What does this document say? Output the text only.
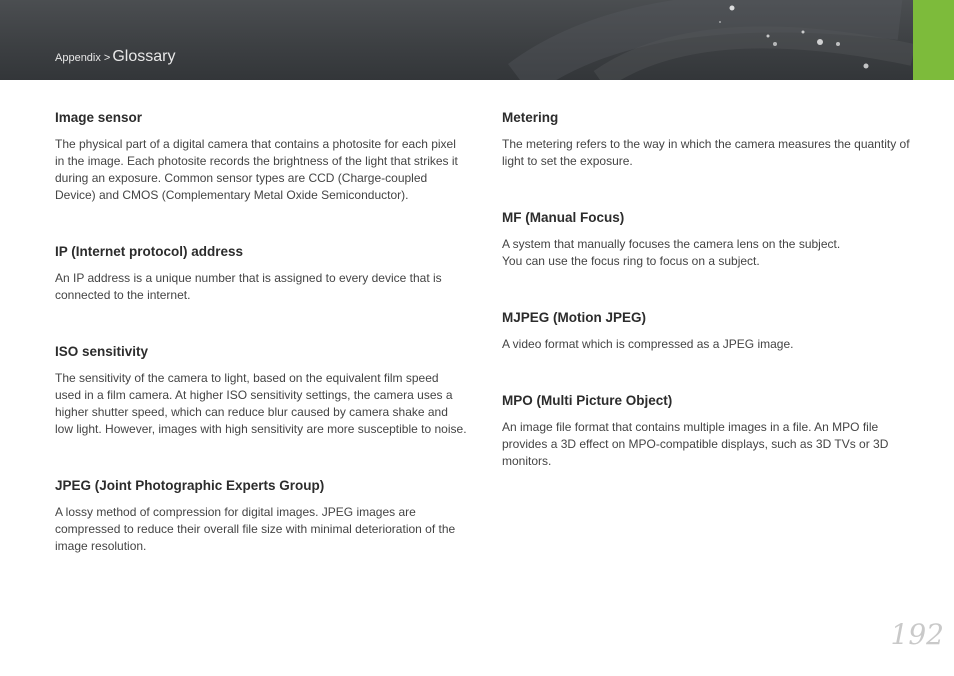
Appendix > Glossary

Image sensor

The physical part of a digital camera that contains a photosite for each pixel in the image. Each photosite records the brightness of the light that strikes it during an exposure. Common sensor types are CCD (Charge-coupled Device) and CMOS (Complementary Metal Oxide Semiconductor).

IP (Internet protocol) address

An IP address is a unique number that is assigned to every device that is connected to the internet.

ISO sensitivity

The sensitivity of the camera to light, based on the equivalent film speed used in a film camera. At higher ISO sensitivity settings, the camera uses a higher shutter speed, which can reduce blur caused by camera shake and low light. However, images with high sensitivity are more susceptible to noise.

JPEG (Joint Photographic Experts Group)

A lossy method of compression for digital images. JPEG images are compressed to reduce their overall file size with minimal deterioration of the image resolution.

Metering

The metering refers to the way in which the camera measures the quantity of light to set the exposure.

MF (Manual Focus)

A system that manually focuses the camera lens on the subject.
You can use the focus ring to focus on a subject.

MJPEG (Motion JPEG)

A video format which is compressed as a JPEG image.

MPO (Multi Picture Object)

An image file format that contains multiple images in a file. An MPO file provides a 3D effect on MPO-compatible displays, such as 3D TVs or 3D monitors.

192
